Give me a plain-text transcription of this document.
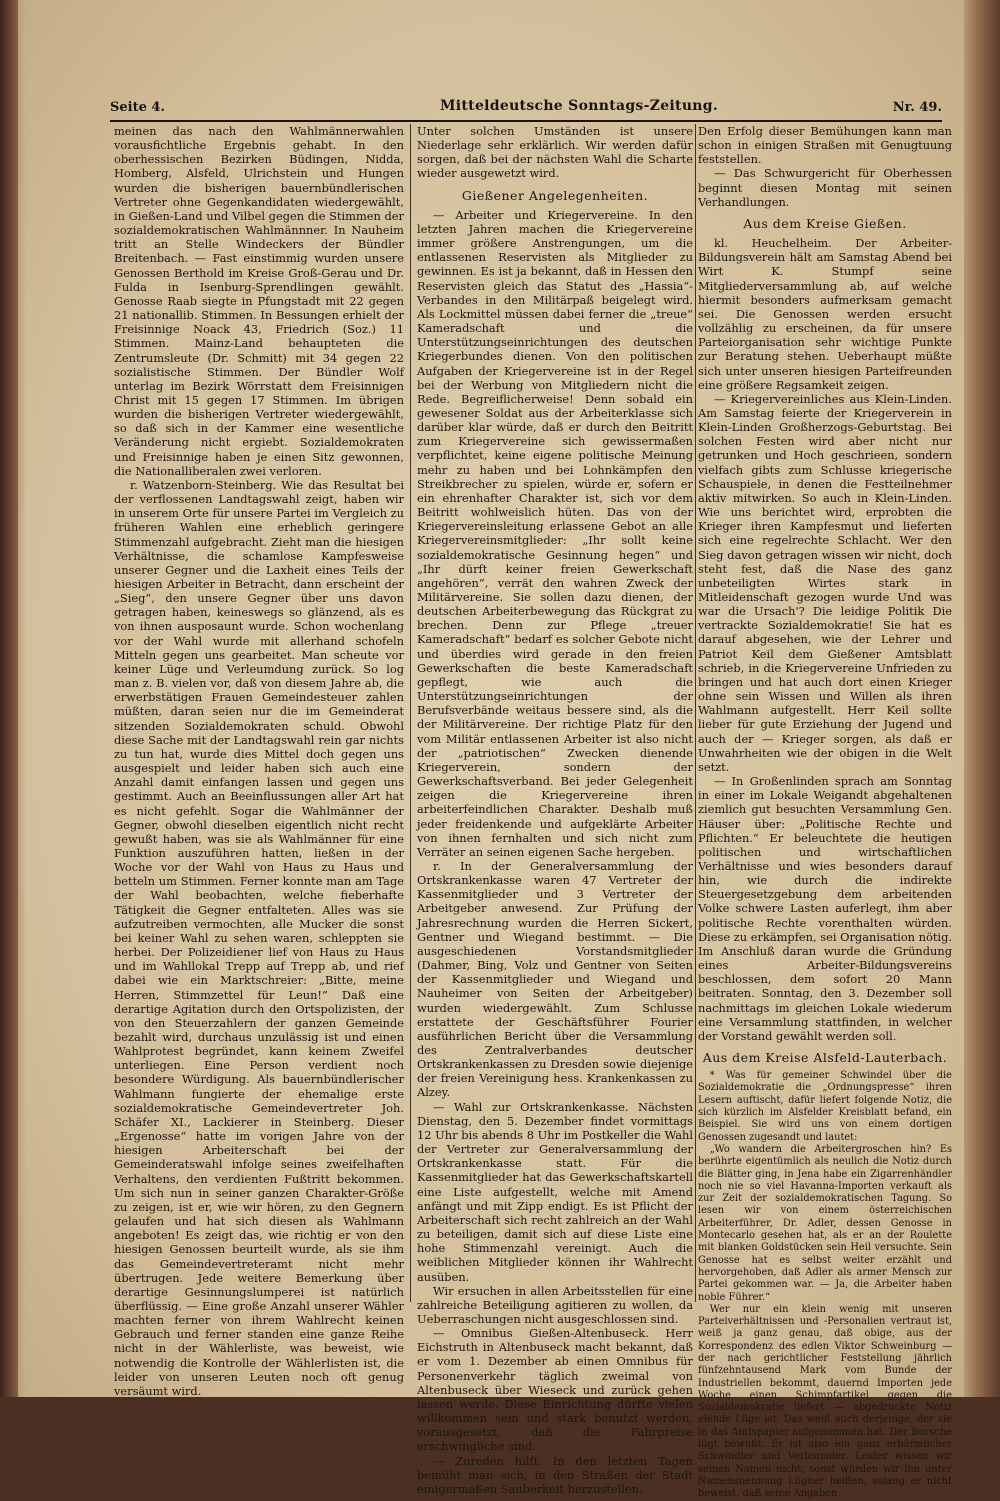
Seite 4.	Mitteldeutsche Sonntags-Zeitung.	Nr. 49.

meinen das nach den Wahlmännerwahlen vorausfichtliche Ergebnis gehabt. In den oberhessischen Bezirken Büdingen, Nidda, Homberg, Alsfeld, Ulrichstein und Hungen wurden die bisherigen bauernbündlerischen Vertreter ohne Gegenkandidaten wiedergewählt, in Gießen-Land und Vilbel gegen die Stimmen der sozialdemokratischen Wahlmännner. In Nauheim tritt an Stelle Windeckers der Bündler Breitenbach. — Fast einstimmig wurden unsere Genossen Berthold im Kreise Groß-Gerau und Dr. Fulda in Isenburg-Sprendlingen gewählt. Genosse Raab siegte in Pfungstadt mit 22 gegen 21 nationallib. Stimmen. In Bessungen erhielt der Freisinnige Noack 43, Friedrich (Soz.) 11 Stimmen. Mainz-Land behaupteten die Zentrumsleute (Dr. Schmitt) mit 34 gegen 22 sozialistische Stimmen. Der Bündler Wolf unterlag im Bezirk Wörrstatt dem Freisinnigen Christ mit 15 gegen 17 Stimmen. Im übrigen wurden die bisherigen Vertreter wiedergewählt, so daß sich in der Kammer eine wesentliche Veränderung nicht ergiebt. Sozialdemokraten und Freisinnige haben je einen Sitz gewonnen, die Nationalliberalen zwei verloren.

r. Watzenborn-Steinberg. Wie das Resultat bei der verflossenen Landtagswahl zeigt, haben wir in unserem Orte für unsere Partei im Vergleich zu früheren Wahlen eine erheblich geringere Stimmenzahl aufgebracht. Zieht man die hiesigen Verhältnisse, die schamlose Kampfesweise unserer Gegner und die Laxheit eines Teils der hiesigen Arbeiter in Betracht, dann erscheint der „Sieg“, den unsere Gegner über uns davon getragen haben, keineswegs so glänzend, als es von ihnen ausposaunt wurde. Schon wochenlang vor der Wahl wurde mit allerhand schofeln Mitteln gegen uns gearbeitet. Man scheute vor keiner Lüge und Verleumdung zurück. So log man z. B. vielen vor, daß von diesem Jahre ab, die erwerbstätigen Frauen Gemeindesteuer zahlen müßten, daran seien nur die im Gemeinderat sitzenden Sozialdemokraten schuld. Obwohl diese Sache mit der Landtagswahl rein gar nichts zu tun hat, wurde dies Mittel doch gegen uns ausgespielt und leider haben sich auch eine Anzahl damit einfangen lassen und gegen uns gestimmt. Auch an Beeinflussungen aller Art hat es nicht gefehlt. Sogar die Wahlmänner der Gegner, obwohl dieselben eigentlich nicht recht gewußt haben, was sie als Wahlmänner für eine Funktion auszuführen hatten, ließen in der Woche vor der Wahl von Haus zu Haus und betteln um Stimmen. Ferner konnte man am Tage der Wahl beobachten, welche fieberhafte Tätigkeit die Gegner entfalteten. Alles was sie aufzutreiben vermochten, alle Mucker die sonst bei keiner Wahl zu sehen waren, schleppten sie herbei. Der Polizeidiener lief von Haus zu Haus und im Wahllokal Trepp auf Trepp ab, und rief dabei wie ein Marktschreier: „Bitte, meine Herren, Stimmzettel für Leun!“ Daß eine derartige Agitation durch den Ortspolizisten, der von den Steuerzahlern der ganzen Gemeinde bezahlt wird, durchaus unzulässig ist und einen Wahlprotest begründet, kann keinem Zweifel unterliegen. Eine Person verdient noch besondere Würdigung. Als bauernbündlerischer Wahlmann fungierte der ehemalige erste sozialdemokratische Gemeindevertreter Joh. Schäfer XI., Lackierer in Steinberg. Dieser „Ergenosse“ hatte im vorigen Jahre von der hiesigen Arbeiterschaft bei der Gemeinderatswahl infolge seines zweifelhaften Verhaltens, den verdienten Fußtritt bekommen. Um sich nun in seiner ganzen Charakter-Größe zu zeigen, ist er, wie wir hören, zu den Gegnern gelaufen und hat sich diesen als Wahlmann angeboten! Es zeigt das, wie richtig er von den hiesigen Genossen beurteilt wurde, als sie ihm das Gemeindevertreteramt nicht mehr übertrugen. Jede weitere Bemerkung über derartige Gesinnungslumperei ist natürlich überflüssig. — Eine große Anzahl unserer Wähler machten ferner von ihrem Wahlrecht keinen Gebrauch und ferner standen eine ganze Reihe nicht in der Wählerliste, was beweist, wie notwendig die Kontrolle der Wählerlisten ist, die leider von unseren Leuten noch oft genug versäumt wird.

Unter solchen Umständen ist unsere Niederlage sehr erklärlich. Wir werden dafür sorgen, daß bei der nächsten Wahl die Scharte wieder ausgewetzt wird.

Gießener Angelegenheiten.

— Arbeiter und Kriegervereine. In den letzten Jahren machen die Kriegervereine immer größere Anstrengungen, um die entlassenen Reservisten als Mitglieder zu gewinnen. Es ist ja bekannt, daß in Hessen den Reservisten gleich das Statut des „Hassia“-Verbandes in den Militärpaß beigelegt wird. Als Lockmittel müssen dabei ferner die „treue“ Kameradschaft und die Unterstützungseinrichtungen des deutschen Kriegerbundes dienen. Von den politischen Aufgaben der Kriegervereine ist in der Regel bei der Werbung von Mitgliedern nicht die Rede. Begreiflicherweise! Denn sobald ein gewesener Soldat aus der Arbeiterklasse sich darüber klar würde, daß er durch den Beitritt zum Kriegervereine sich gewissermaßen verpflichtet, keine eigene politische Meinung mehr zu haben und bei Lohnkämpfen den Streikbrecher zu spielen, würde er, sofern er ein ehrenhafter Charakter ist, sich vor dem Beitritt wohlweislich hüten. Das von der Kriegervereinsleitung erlassene Gebot an alle Kriegervereinsmitglieder: „Ihr sollt keine sozialdemokratische Gesinnung hegen“ und „Ihr dürft keiner freien Gewerkschaft angehören“, verrät den wahren Zweck der Militärvereine. Sie sollen dazu dienen, der deutschen Arbeiterbewegung das Rückgrat zu brechen. Denn zur Pflege „treuer Kameradschaft“ bedarf es solcher Gebote nicht und überdies wird gerade in den freien Gewerkschaften die beste Kameradschaft gepflegt, wie auch die Unterstützungseinrichtungen der Berufsverbände weitaus bessere sind, als die der Militärvereine. Der richtige Platz für den vom Militär entlassenen Arbeiter ist also nicht der „patriotischen“ Zwecken dienende Kriegerverein, sondern der Gewerkschaftsverband. Bei jeder Gelegenheit zeigen die Kriegervereine ihren arbeiterfeindlichen Charakter. Deshalb muß jeder freidenkende und aufgeklärte Arbeiter von ihnen fernhalten und sich nicht zum Verräter an seinen eigenen Sache hergeben.

r. In der Generalversammlung der Ortskrankenkasse waren 47 Vertreter der Kassenmitglieder und 3 Vertreter der Arbeitgeber anwesend. Zur Prüfung der Jahresrechnung wurden die Herren Sickert, Gentner und Wiegand bestimmt. — Die ausgeschiedenen Vorstandsmitglieder (Dahmer, Bing, Volz und Gentner von Seiten der Kassenmitglieder und Wiegand und Nauheimer von Seiten der Arbeitgeber) wurden wiedergewählt. Zum Schlusse erstattete der Geschäftsführer Fourier ausführlichen Bericht über die Versammlung des Zentralverbandes deutscher Ortskrankenkassen zu Dresden sowie diejenige der freien Vereinigung hess. Krankenkassen zu Alzey.

— Wahl zur Ortskrankenkasse. Nächsten Dienstag, den 5. Dezember findet vormittags 12 Uhr bis abends 8 Uhr im Postkeller die Wahl der Vertreter zur Generalversammlung der Ortskrankenkasse statt. Für die Kassenmitglieder hat das Gewerkschaftskartell eine Liste aufgestellt, welche mit Amend anfängt und mit Zipp endigt. Es ist Pflicht der Arbeiterschaft sich recht zahlreich an der Wahl zu beteiligen, damit sich auf diese Liste eine hohe Stimmenzahl vereinigt. Auch die weiblichen Mitglieder können ihr Wahlrecht ausüben.

Wir ersuchen in allen Arbeitsstellen für eine zahlreiche Beteiligung agitieren zu wollen, da Ueberraschungen nicht ausgeschlossen sind.

— Omnibus Gießen-Altenbuseck. Herr Eichstruth in Altenbuseck macht bekannt, daß er vom 1. Dezember ab einen Omnibus für Personenverkehr täglich zweimal von Altenbuseck über Wieseck und zurück gehen lassen werde. Diese Einrichtung dürfte vielen willkommen sein und stark benutzt werden, vorausgesetzt, daß die Fahrpreise erschwingliche sind.

— Zureden hilft. In den letzten Tagen bemüht man sich, in den Straßen der Stadt einigermaßen Sauberkeit herzustellen.

Den Erfolg dieser Bemühungen kann man schon in einigen Straßen mit Genugtuung feststellen.

— Das Schwurgericht für Oberhessen beginnt diesen Montag mit seinen Verhandlungen.

Aus dem Kreise Gießen.

kl. Heuchelheim. Der Arbeiter-Bildungsverein hält am Samstag Abend bei Wirt K. Stumpf seine Mitgliederversammlung ab, auf welche hiermit besonders aufmerksam gemacht sei. Die Genossen werden ersucht vollzählig zu erscheinen, da für unsere Parteiorganisation sehr wichtige Punkte zur Beratung stehen. Ueberhaupt müßte sich unter unseren hiesigen Parteifreunden eine größere Regsamkeit zeigen.

— Kriegervereinliches aus Klein-Linden. Am Samstag feierte der Kriegerverein in Klein-Linden Großherzogs-Geburtstag. Bei solchen Festen wird aber nicht nur getrunken und Hoch geschrieen, sondern vielfach gibts zum Schlusse kriegerische Schauspiele, in denen die Festteilnehmer aktiv mitwirken. So auch in Klein-Linden. Wie uns berichtet wird, erprobten die Krieger ihren Kampfesmut und lieferten sich eine regelrechte Schlacht. Wer den Sieg davon getragen wissen wir nicht, doch steht fest, daß die Nase des ganz unbeteiligten Wirtes stark in Mitleidenschaft gezogen wurde Und was war die Ursach'? Die leidige Politik Die vertrackte Sozialdemokratie! Sie hat es darauf abgesehen, wie der Lehrer und Patriot Keil dem Gießener Amtsblatt schrieb, in die Kriegervereine Unfrieden zu bringen und hat auch dort einen Krieger ohne sein Wissen und Willen als ihren Wahlmann aufgestellt. Herr Keil sollte lieber für gute Erziehung der Jugend und auch der — Krieger sorgen, als daß er Unwahrheiten wie der obigen in die Welt setzt.

— In Großenlinden sprach am Sonntag in einer im Lokale Weigandt abgehaltenen ziemlich gut besuchten Versammlung Gen. Häuser über: „Politische Rechte und Pflichten.“ Er beleuchtete die heutigen politischen und wirtschaftlichen Verhältnisse und wies besonders darauf hin, wie durch die indirekte Steuergesetzgebung dem arbeitenden Volke schwere Lasten auferlegt, ihm aber politische Rechte vorenthalten würden. Diese zu erkämpfen, sei Organisation nötig. Im Anschluß daran wurde die Gründung eines Arbeiter-Bildungsvereins beschlossen, dem sofort 20 Mann beitraten. Sonntag, den 3. Dezember soll nachmittags im gleichen Lokale wiederum eine Versammlung stattfinden, in welcher der Vorstand gewählt werden soll.

Aus dem Kreise Alsfeld-Lauterbach.

* Was für gemeiner Schwindel über die Sozialdemokratie die „Ordnungspresse“ ihren Lesern auftischt, dafür liefert folgende Notiz, die sich kürzlich im Alsfelder Kreisblatt befand, ein Beispiel. Sie wird uns von einem dortigen Genossen zugesandt und lautet:

„Wo wandern die Arbeitergroschen hin? Es berührte eigentümlich als neulich die Notiz durch die Blätter ging, in Jena habe ein Zigarrenhändler noch nie so viel Havanna-Importen verkauft als zur Zeit der sozialdemokratischen Tagung. So lesen wir von einem österreichischen Arbeiterführer, Dr. Adler, dessen Genosse in Montecarlo gesehen hat, als er an der Roulette mit blanken Goldstücken sein Heil versuchte. Sein Genosse hat es selbst weiter erzählt und hervorgehoben, daß Adler als armer Mensch zur Partei gekommen war. — Ja, die Arbeiter haben noble Führer.“

Wer nur ein klein wenig mit unseren Parteiverhältnissen und -Personalien vertraut ist, weiß ja ganz genau, daß obige, aus der Korrespondenz des edlen Viktor Schweinburg — der nach gerichtlicher Feststellung jährlich fünfzehntausend Mark vom Bunde der Industriellen bekommt, dauernd Importen jede Woche einen Schimpfartikel gegen die Sozialdemokratie liefert — abgedruckte Notiz elende Lüge ist. Das weiß auch derjenige, der sie in das Amtspapier aufgenommen hat. Der Bursche lügt bewußt. Er ist also ein ganz erbärmlicher Schwindler und Verleumder. Leider wissen wir seinen Namen nicht, sonst würden wir ihn unter Namensnennung Lügner heißen, solang er nicht beweist, daß seine Angaben
